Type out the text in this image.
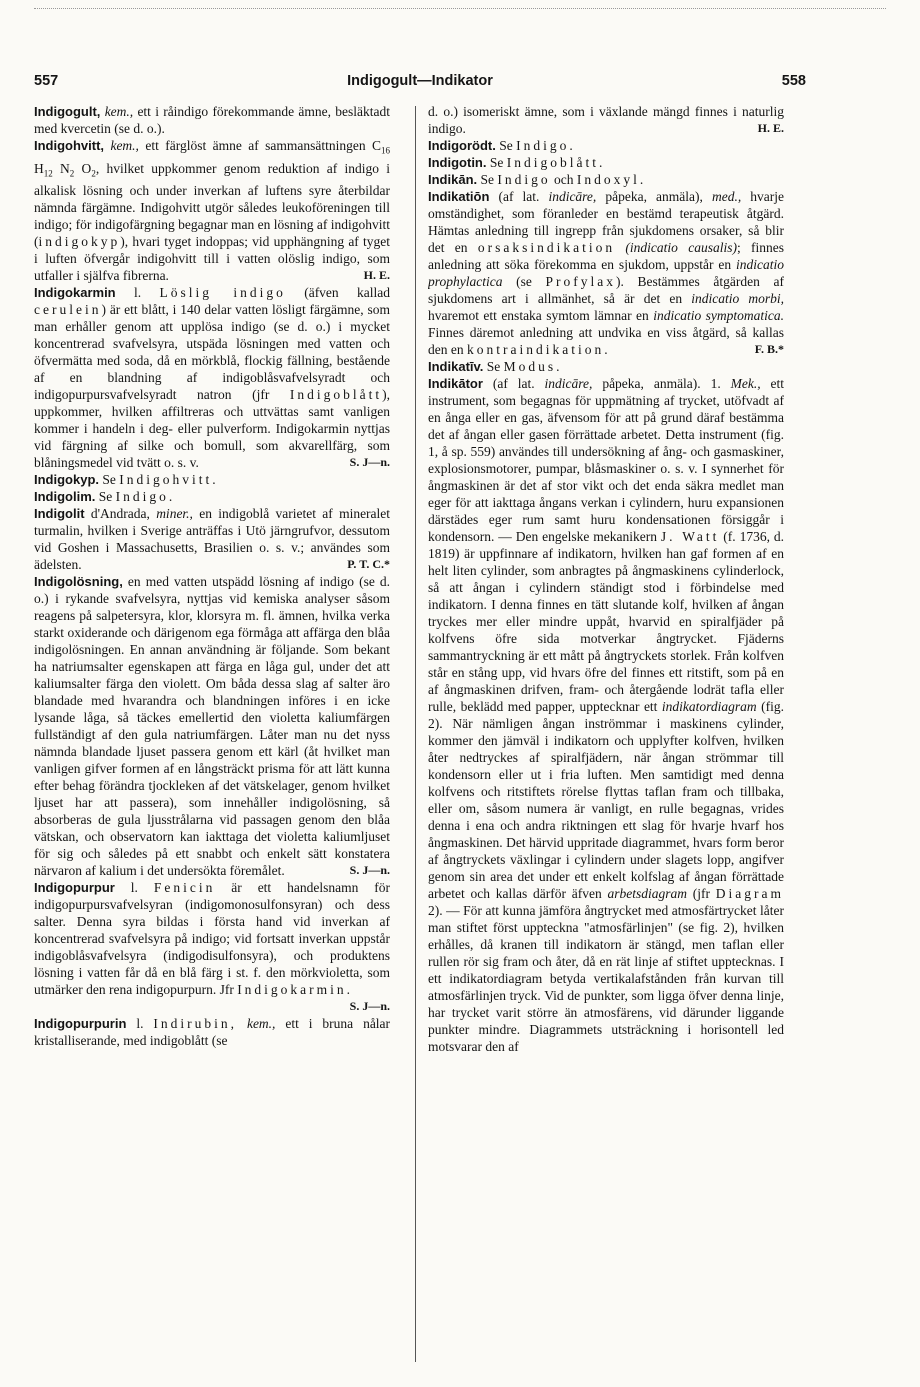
557	Indigogult—Indikator	558

Indigogult, kem., ett i råindigo förekommande ämne, besläktadt med kvercetin (se d. o.).

Indigohvitt, kem., ett färglöst ämne af sammansättningen $C_{16}$ $H_{12}$ $N_2$ $O_2$, hvilket uppkommer genom reduktion af indigo i alkalisk lösning och under inverkan af luftens syre återbildar nämnda färgämne. Indigohvitt utgör således leukoföreningen till indigo; för indigofärgning begagnar man en lösning af indigohvitt (indigokyp), hvari tyget indoppas; vid upphängning af tyget i luften öfvergår indigohvitt till i vatten olöslig indigo, som utfaller i själfva fibrerna.	H. E.

Indigokarmin l. Löslig indigo (äfven kallad cerulein) är ett blått, i 140 delar vatten lösligt färgämne, som man erhåller genom att upplösa indigo (se d. o.) i mycket koncentrerad svafvelsyra, utspäda lösningen med vatten och öfvermätta med soda, då en mörkblå, flockig fällning, bestående af en blandning af indigoblåsvafvelsyradt och indigopurpursvafvelsyradt natron (jfr Indigoblått), uppkommer, hvilken affiltreras och uttvättas samt vanligen kommer i handeln i deg- eller pulverform. Indigokarmin nyttjas vid färgning af silke och bomull, som akvarellfärg, som blåningsmedel vid tvätt o. s. v.	S. J—n.

Indigokyp. Se Indigohvitt.

Indigolim. Se Indigo.

Indigolit d'Andrada, miner., en indigoblå varietet af mineralet turmalin, hvilken i Sverige anträffas i Utö järngrufvor, dessutom vid Goshen i Massachusetts, Brasilien o. s. v.; användes som ädelsten.	P. T. C.*

Indigolösning, en med vatten utspädd lösning af indigo (se d. o.) i rykande svafvelsyra, nyttjas vid kemiska analyser såsom reagens på salpetersyra, klor, klorsyra m. fl. ämnen, hvilka verka starkt oxiderande och därigenom ega förmåga att affärga den blåa indigolösningen. En annan användning är följande. Som bekant ha natriumsalter egenskapen att färga en låga gul, under det att kaliumsalter färga den violett. Om båda dessa slag af salter äro blandade med hvarandra och blandningen införes i en icke lysande låga, så täckes emellertid den violetta kaliumfärgen fullständigt af den gula natriumfärgen. Låter man nu det nyss nämnda blandade ljuset passera genom ett kärl (åt hvilket man vanligen gifver formen af en långsträckt prisma för att lätt kunna efter behag förändra tjockleken af det vätskelager, genom hvilket ljuset har att passera), som innehåller indigolösning, så absorberas de gula ljusstrålarna vid passagen genom den blåa vätskan, och observatorn kan iakttaga det violetta kaliumljuset för sig och således på ett snabbt och enkelt sätt konstatera närvaron af kalium i det undersökta föremålet.	S. J—n.

Indigopurpur l. Fenicin är ett handelsnamn för indigopurpursvafvelsyran (indigomonosulfonsyran) och dess salter. Denna syra bildas i första hand vid inverkan af koncentrerad svafvelsyra på indigo; vid fortsatt inverkan uppstår indigoblåsvafvelsyra (indigodisulfonsyra), och produktens lösning i vatten får då en blå färg i st. f. den mörkvioletta, som utmärker den rena indigopurpurn. Jfr Indigokarmin.
S. J—n.

Indigopurpurin l. Indirubin, kem., ett i bruna nålar kristalliserande, med indigoblått (se

d. o.) isomeriskt ämne, som i växlande mängd finnes i naturlig indigo.	H. E.

Indigorödt. Se Indigo.

Indigotin. Se Indigoblått.

Indikān. Se Indigo och Indoxyl.

Indikatiōn (af lat. indicāre, påpeka, anmäla), med., hvarje omständighet, som föranleder en bestämd terapeutisk åtgärd. Hämtas anledning till ingrepp från sjukdomens orsaker, så blir det en orsaksindikation (indicatio causalis); finnes anledning att söka förekomma en sjukdom, uppstår en indicatio prophylactica (se Profylax). Bestämmes åtgärden af sjukdomens art i allmänhet, så är det en indicatio morbi, hvaremot ett enstaka symtom lämnar en indicatio symptomatica. Finnes däremot anledning att undvika en viss åtgärd, så kallas den en kontraindikation.	F. B.*

Indikatīv. Se Modus.

Indikātor (af lat. indicāre, påpeka, anmäla). 1. Mek., ett instrument, som begagnas för uppmätning af trycket, utöfvadt af en ånga eller en gas, äfvensom för att på grund däraf bestämma det af ångan eller gasen förrättade arbetet. Detta instrument (fig. 1, å sp. 559) användes till undersökning af ång- och gasmaskiner, explosionsmotorer, pumpar, blåsmaskiner o. s. v. I synnerhet för ångmaskinen är det af stor vikt och det enda säkra medlet man eger för att iakttaga ångans verkan i cylindern, huru expansionen därstädes eger rum samt huru kondensationen försiggår i kondensorn. — Den engelske mekanikern J. Watt (f. 1736, d. 1819) är uppfinnare af indikatorn, hvilken han gaf formen af en helt liten cylinder, som anbragtes på ångmaskinens cylinderlock, så att ångan i cylindern ständigt stod i förbindelse med indikatorn. I denna finnes en tätt slutande kolf, hvilken af ångan tryckes mer eller mindre uppåt, hvarvid en spiralfjäder på kolfvens öfre sida motverkar ångtrycket. Fjäderns sammantryckning är ett mått på ångtryckets storlek. Från kolfven står en stång upp, vid hvars öfre del finnes ett ritstift, som på en af ångmaskinen drifven, fram- och återgående lodrät tafla eller rulle, beklädd med papper, upptecknar ett indikatordiagram (fig. 2). När nämligen ångan inströmmar i maskinens cylinder, kommer den jämväl i indikatorn och upplyfter kolfven, hvilken åter nedtryckes af spiralfjädern, när ångan strömmar till kondensorn eller ut i fria luften. Men samtidigt med denna kolfvens och ritstiftets rörelse flyttas taflan fram och tillbaka, eller om, såsom numera är vanligt, en rulle begagnas, vrides denna i ena och andra riktningen ett slag för hvarje hvarf hos ångmaskinen. Det härvid uppritade diagrammet, hvars form beror af ångtryckets växlingar i cylindern under slagets lopp, angifver genom sin area det under ett enkelt kolfslag af ångan förrättade arbetet och kallas därför äfven arbetsdiagram (jfr Diagram 2). — För att kunna jämföra ångtrycket med atmosfärtrycket låter man stiftet först uppteckna "atmosfärlinjen" (se fig. 2), hvilken erhålles, då kranen till indikatorn är stängd, men taflan eller rullen rör sig fram och åter, då en rät linje af stiftet upptecknas. I ett indikatordiagram betyda vertikalafstånden från kurvan till atmosfärlinjen tryck. Vid de punkter, som ligga öfver denna linje, har trycket varit större än atmosfärens, vid därunder liggande punkter mindre. Diagrammets utsträckning i horisontell led motsvarar den af
